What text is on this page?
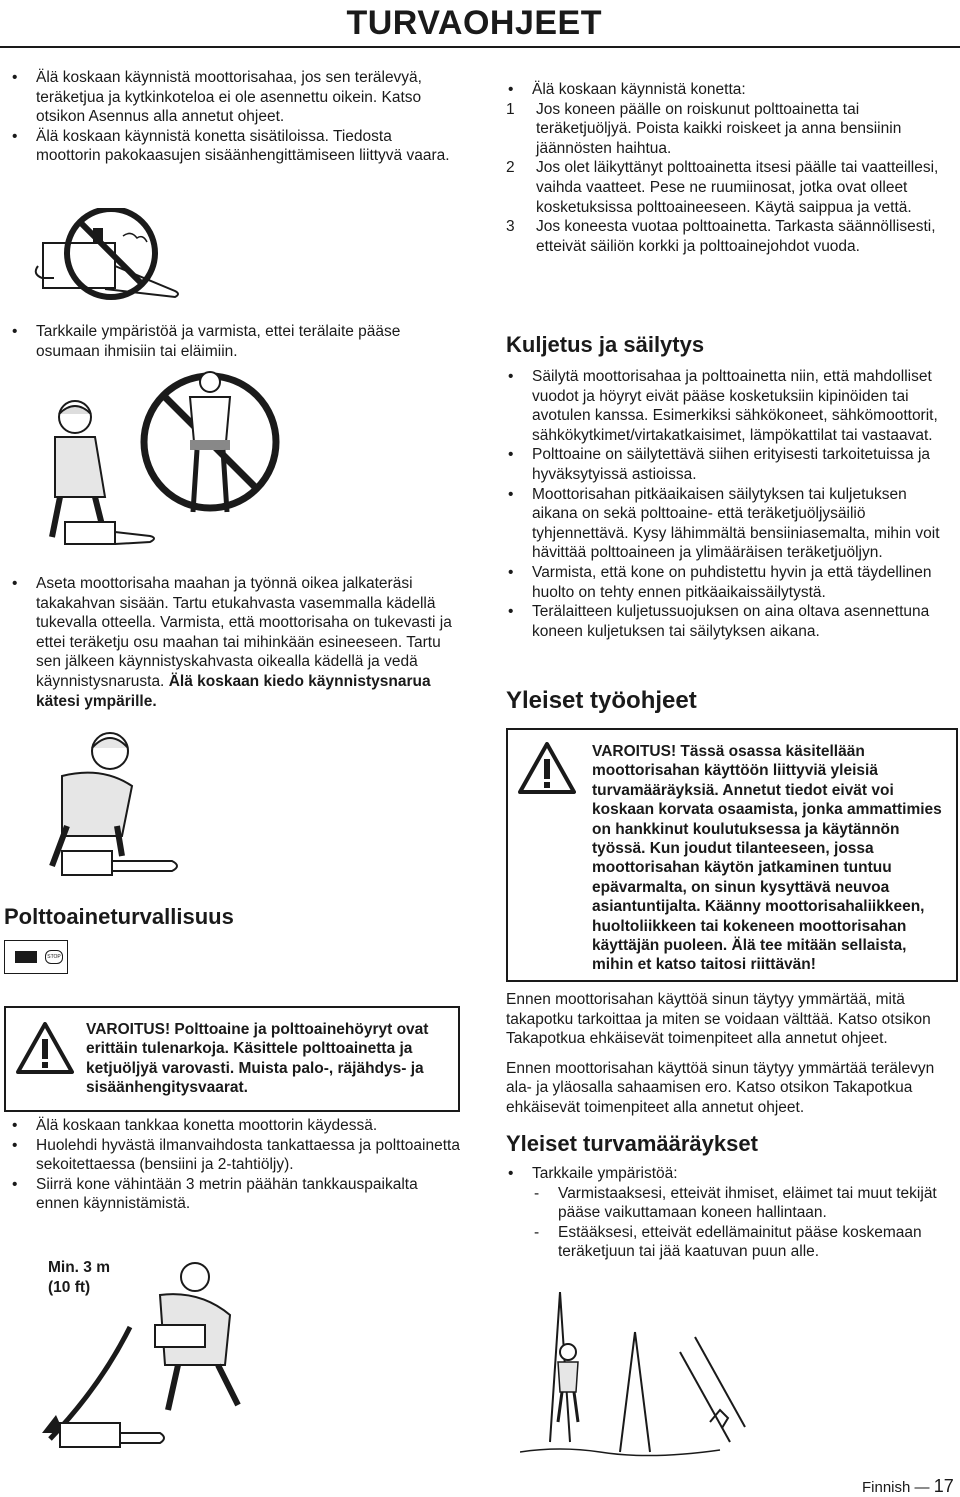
TURVAOHJEET

• Älä koskaan käynnistä moottorisahaa, jos sen terälevyä, teräketjua ja kytkinkoteloa ei ole asennettu oikein. Katso otsikon Asennus alla annetut ohjeet.

• Älä koskaan käynnistä konetta sisätiloissa. Tiedosta moottorin pakokaasujen sisäänhengittämiseen liittyvä vaara.

• Tarkkaile ympäristöä ja varmista, ettei terälaite pääse osumaan ihmisiin tai eläimiin.

• Aseta moottorisaha maahan ja työnnä oikea jalkateräsi takakahvan sisään. Tartu etukahvasta vasemmalla kädellä tukevalla otteella. Varmista, että moottorisaha on tukevasti ja ettei teräketju osu maahan tai mihinkään esineeseen. Tartu sen jälkeen käynnistyskahvasta oikealla kädellä ja vedä käynnistysnarusta. Älä koskaan kiedo käynnistysnarua kätesi ympärille.

Polttoaineturvallisuus
STOP
VAROITUS! Polttoaine ja polttoainehöyryt ovat erittäin tulenarkoja. Käsittele polttoainetta ja ketjuöljyä varovasti. Muista palo-, räjähdys- ja sisäänhengitysvaarat.

• Älä koskaan tankkaa konetta moottorin käydessä.

• Huolehdi hyvästä ilmanvaihdosta tankattaessa ja polttoainetta sekoitettaessa (bensiini ja 2-tahtiöljy).

• Siirrä kone vähintään 3 metrin päähän tankkauspaikalta ennen käynnistämistä.

Min. 3 m
(10 ft)

• Älä koskaan käynnistä konetta:

1 Jos koneen päälle on roiskunut polttoainetta tai teräketjuöljyä. Poista kaikki roiskeet ja anna bensiinin jäännösten haihtua.

2 Jos olet läikyttänyt polttoainetta itsesi päälle tai vaatteillesi, vaihda vaatteet. Pese ne ruumiinosat, jotka ovat olleet kosketuksissa polttoaineeseen. Käytä saippua ja vettä.

3 Jos koneesta vuotaa polttoainetta. Tarkasta säännöllisesti, etteivät säiliön korkki ja polttoainejohdot vuoda.

Kuljetus ja säilytys

• Säilytä moottorisahaa ja polttoainetta niin, että mahdolliset vuodot ja höyryt eivät pääse kosketuksiin kipinöiden tai avotulen kanssa. Esimerkiksi sähkökoneet, sähkömoottorit, sähkökytkimet/virtakatkaisimet, lämpökattilat tai vastaavat.

• Polttoaine on säilytettävä siihen erityisesti tarkoitetuissa ja hyväksytyissä astioissa.

• Moottorisahan pitkäaikaisen säilytyksen tai kuljetuksen aikana on sekä polttoaine- että teräketjuöljysäiliö tyhjennettävä. Kysy lähimmältä bensiiniasemalta, mihin voit hävittää polttoaineen ja ylimääräisen teräketjuöljyn.

• Varmista, että kone on puhdistettu hyvin ja että täydellinen huolto on tehty ennen pitkäaikaissäilytystä.

• Terälaitteen kuljetussuojuksen on aina oltava asennettuna koneen kuljetuksen tai säilytyksen aikana.

Yleiset työohjeet
VAROITUS! Tässä osassa käsitellään moottorisahan käyttöön liittyviä yleisiä turvamääräyksiä. Annetut tiedot eivät voi koskaan korvata osaamista, jonka ammattimies on hankkinut koulutuksessa ja käytännön työssä. Kun joudut tilanteeseen, jossa moottorisahan käytön jatkaminen tuntuu epävarmalta, on sinun kysyttävä neuvoa asiantuntijalta. Käänny moottorisahaliikkeen, huoltoliikkeen tai kokeneen moottorisahan käyttäjän puoleen. Älä tee mitään sellaista, mihin et katso taitosi riittävän!

Ennen moottorisahan käyttöä sinun täytyy ymmärtää, mitä takapotku tarkoittaa ja miten se voidaan välttää. Katso otsikon Takapotkua ehkäisevät toimenpiteet alla annetut ohjeet.

Ennen moottorisahan käyttöä sinun täytyy ymmärtää terälevyn ala- ja yläosalla sahaamisen ero. Katso otsikon Takapotkua ehkäisevät toimenpiteet alla annetut ohjeet.

Yleiset turvamääräykset

• Tarkkaile ympäristöä:

- Varmistaaksesi, etteivät ihmiset, eläimet tai muut tekijät pääse vaikuttamaan koneen hallintaan.

- Estääksesi, etteivät edellämainitut pääse koskemaan teräketjuun tai jää kaatuvan puun alle.

Finnish — 17
